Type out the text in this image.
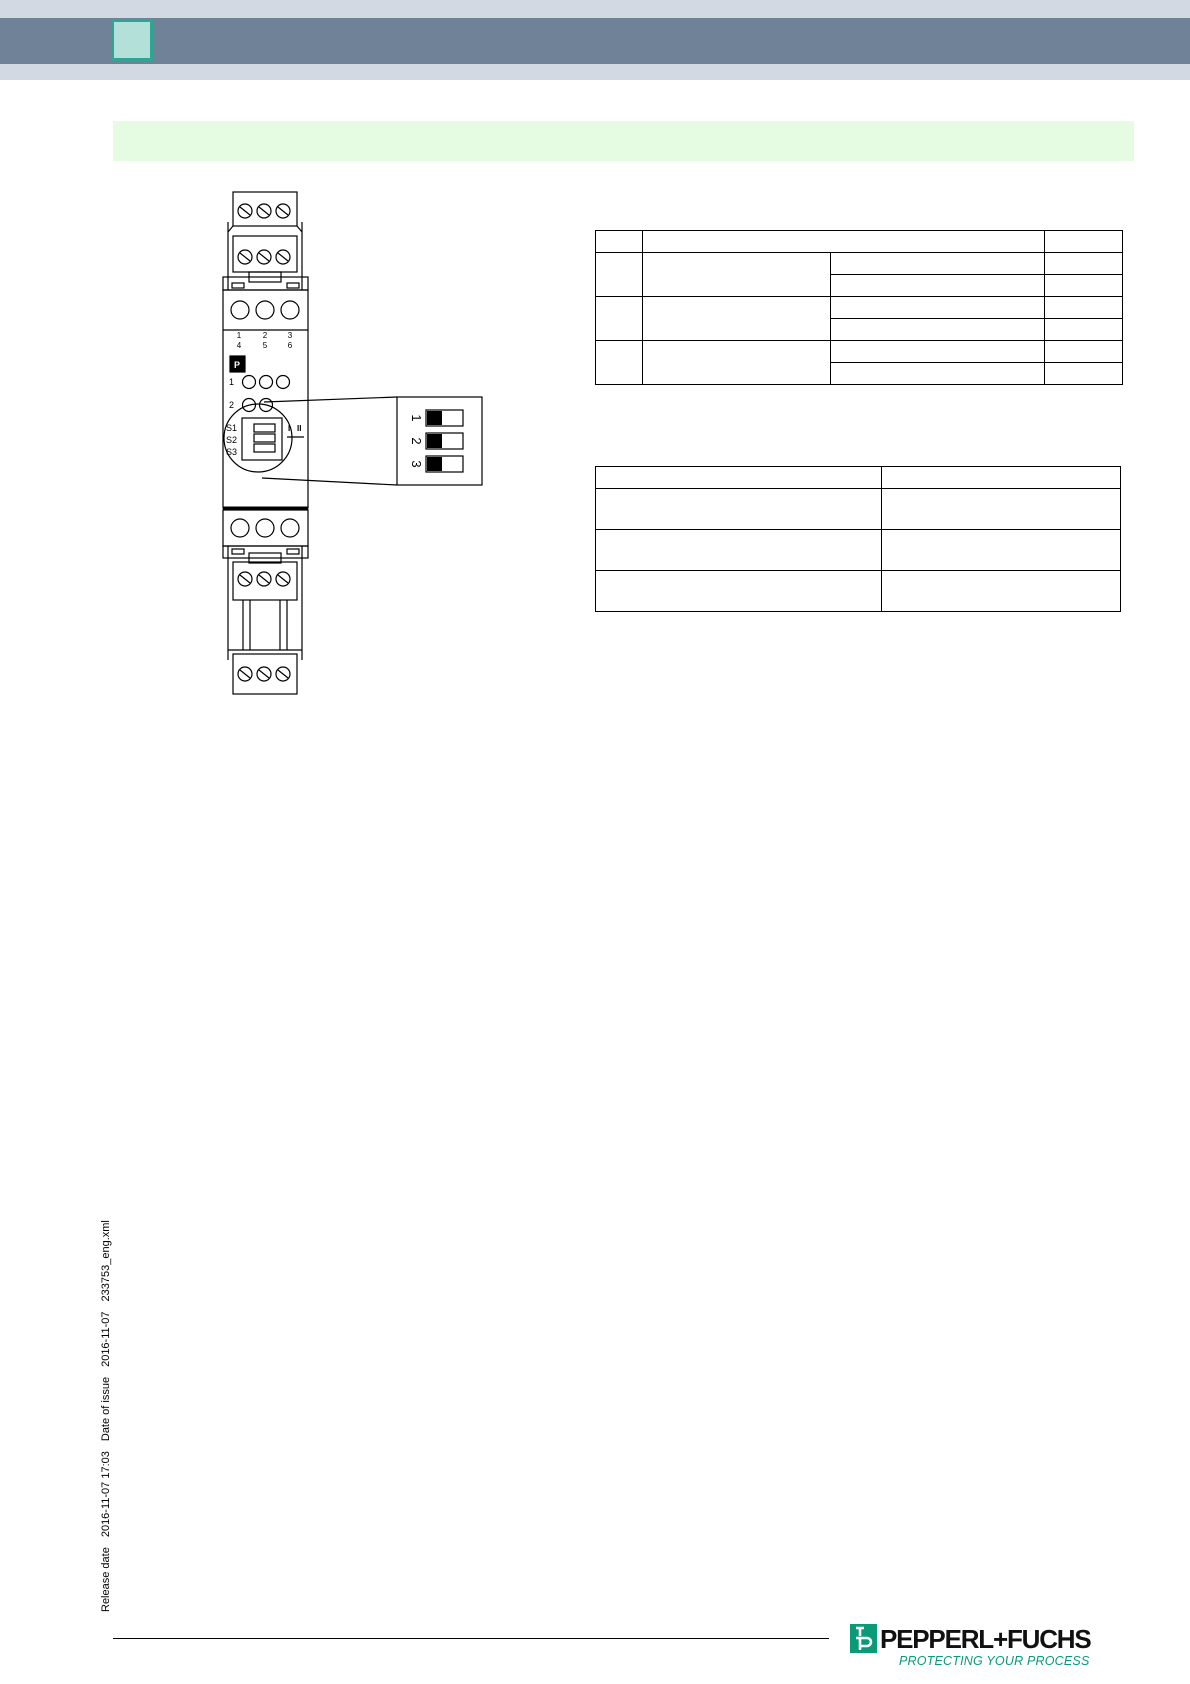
1	2	3
4	5	6
P
1
2
S1
S2
S3
I II
1
2
3

Release date2016-11-07 17:03Date of issue2016-11-07233753_eng.xml
PEPPERL+FUCHS
PROTECTING YOUR PROCESS
